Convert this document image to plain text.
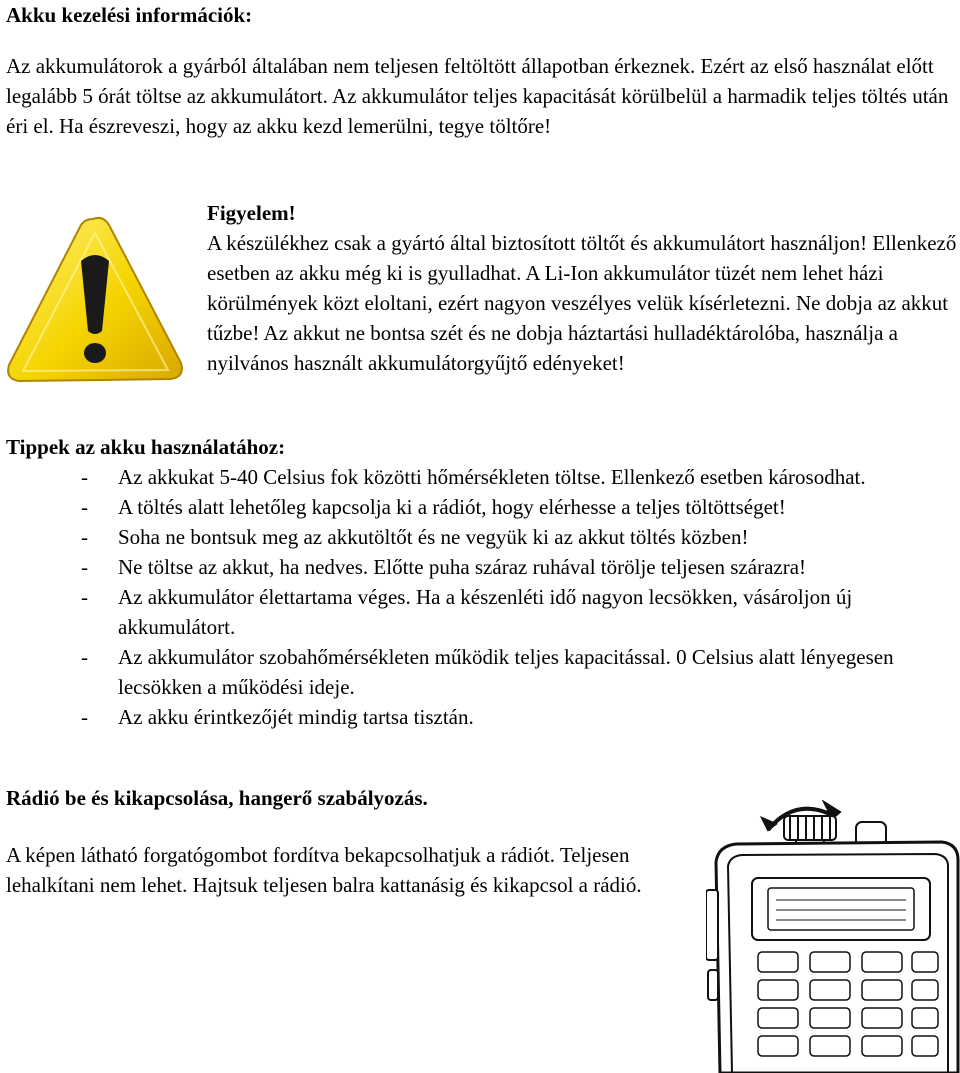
Akku kezelési információk:

Az akkumulátorok a gyárból általában nem teljesen feltöltött állapotban érkeznek. Ezért az első használat előtt legalább 5 órát töltse az akkumulátort. Az akkumulátor teljes kapacitását körülbelül a harmadik teljes töltés után éri el. Ha észreveszi, hogy az akku kezd lemerülni, tegye töltőre!

Figyelem!

A készülékhez csak a gyártó által biztosított töltőt és akkumulátort használjon! Ellenkező esetben az akku még ki is gyulladhat. A Li-Ion akkumulátor tüzét nem lehet házi körülmények közt eloltani, ezért nagyon veszélyes velük kísérletezni. Ne dobja az akkut tűzbe! Az akkut ne bontsa szét és ne dobja háztartási hulladéktárolóba, használja a nyilvános használt akkumulátorgyűjtő edényeket!

Tippek az akku használatához:
- Az akkukat 5-40 Celsius fok közötti hőmérsékleten töltse. Ellenkező esetben károsodhat.
- A töltés alatt lehetőleg kapcsolja ki a rádiót, hogy elérhesse a teljes töltöttséget!
- Soha ne bontsuk meg az akkutöltőt és ne vegyük ki az akkut töltés közben!
- Ne töltse az akkut, ha nedves. Előtte puha száraz ruhával törölje teljesen szárazra!
- Az akkumulátor élettartama véges. Ha a készenléti idő nagyon lecsökken, vásároljon új akkumulátort.
- Az akkumulátor szobahőmérsékleten működik teljes kapacitással. 0 Celsius alatt lényegesen lecsökken a működési ideje.
- Az akku érintkezőjét mindig tartsa tisztán.
Rádió be és kikapcsolása, hangerő szabályozás.

A képen látható forgatógombot fordítva bekapcsolhatjuk a rádiót. Teljesen lehalkítani nem lehet. Hajtsuk teljesen balra kattanásig és kikapcsol a rádió.
